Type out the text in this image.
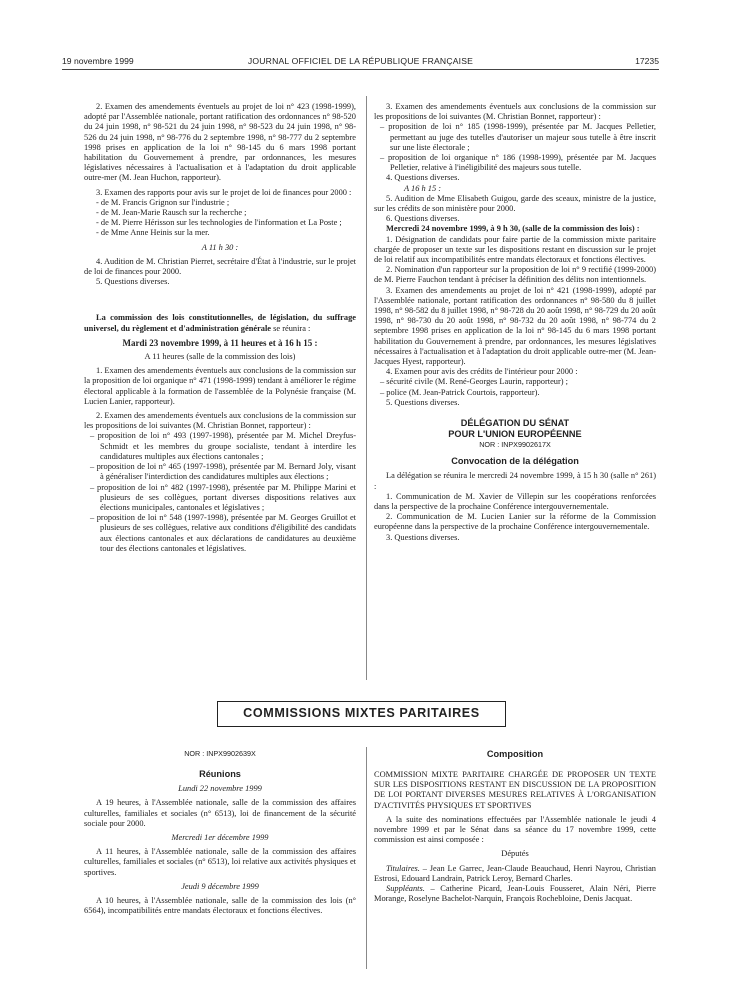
19 novembre 1999	JOURNAL OFFICIEL DE LA RÉPUBLIQUE FRANÇAISE	17235

2. Examen des amendements éventuels au projet de loi n° 423 (1998-1999), adopté par l'Assemblée nationale, portant ratification des ordonnances n° 98-520 du 24 juin 1998, n° 98-521 du 24 juin 1998, n° 98-523 du 24 juin 1998, n° 98-526 du 24 juin 1998, n° 98-776 du 2 septembre 1998, n° 98-777 du 2 septembre 1998 prises en application de la loi n° 98-145 du 6 mars 1998 portant habilitation du Gouvernement à prendre, par ordonnances, les mesures législatives nécessaires à l'actualisation et à l'adaptation du droit applicable outre-mer (M. Jean Huchon, rapporteur).

3. Examen des rapports pour avis sur le projet de loi de finances pour 2000 :

- de M. Francis Grignon sur l'industrie ;

- de M. Jean-Marie Rausch sur la recherche ;

- de M. Pierre Hérisson sur les technologies de l'information et La Poste ;

- de Mme Anne Heinis sur la mer.

A 11 h 30 :

4. Audition de M. Christian Pierret, secrétaire d'État à l'industrie, sur le projet de loi de finances pour 2000.

5. Questions diverses.

La commission des lois constitutionnelles, de législation, du suffrage universel, du règlement et d'administration générale se réunira :

Mardi 23 novembre 1999, à 11 heures et à 16 h 15 :

A 11 heures (salle de la commission des lois)

1. Examen des amendements éventuels aux conclusions de la commission sur la proposition de loi organique n° 471 (1998-1999) tendant à améliorer le régime électoral applicable à la formation de l'assemblée de la Polynésie française (M. Lucien Lanier, rapporteur).

2. Examen des amendements éventuels aux conclusions de la commission sur les propositions de loi suivantes (M. Christian Bonnet, rapporteur) :

– proposition de loi n° 493 (1997-1998), présentée par M. Michel Dreyfus-Schmidt et les membres du groupe socialiste, tendant à interdire les candidatures multiples aux élections cantonales ;

– proposition de loi n° 465 (1997-1998), présentée par M. Bernard Joly, visant à généraliser l'interdiction des candidatures multiples aux élections ;

– proposition de loi n° 482 (1997-1998), présentée par M. Philippe Marini et plusieurs de ses collègues, portant diverses dispositions relatives aux élections municipales, cantonales et législatives ;

– proposition de loi n° 548 (1997-1998), présentée par M. Georges Gruillot et plusieurs de ses collègues, relative aux conditions d'éligibilité des candidats aux élections cantonales et aux déclarations de candidatures au deuxième tour des élections cantonales et législatives.

3. Examen des amendements éventuels aux conclusions de la commission sur les propositions de loi suivantes (M. Christian Bonnet, rapporteur) :

– proposition de loi n° 185 (1998-1999), présentée par M. Jacques Pelletier, permettant au juge des tutelles d'autoriser un majeur sous tutelle à être inscrit sur une liste électorale ;

– proposition de loi organique n° 186 (1998-1999), présentée par M. Jacques Pelletier, relative à l'inéligibilité des majeurs sous tutelle.

4. Questions diverses.

A 16 h 15 :

5. Audition de Mme Elisabeth Guigou, garde des sceaux, ministre de la justice, sur les crédits de son ministère pour 2000.

6. Questions diverses.

Mercredi 24 novembre 1999, à 9 h 30, (salle de la commission des lois) :

1. Désignation de candidats pour faire partie de la commission mixte paritaire chargée de proposer un texte sur les dispositions restant en discussion sur le projet de loi relatif aux incompatibilités entre mandats électoraux et fonctions électives.

2. Nomination d'un rapporteur sur la proposition de loi n° 9 rectifié (1999-2000) de M. Pierre Fauchon tendant à préciser la définition des délits non intentionnels.

3. Examen des amendements au projet de loi n° 421 (1998-1999), adopté par l'Assemblée nationale, portant ratification des ordonnances n° 98-580 du 8 juillet 1998, n° 98-582 du 8 juillet 1998, n° 98-728 du 20 août 1998, n° 98-729 du 20 août 1998, n° 98-730 du 20 août 1998, n° 98-732 du 20 août 1998, n° 98-774 du 2 septembre 1998 prises en application de la loi n° 98-145 du 6 mars 1998 portant habilitation du Gouvernement à prendre, par ordonnances, les mesures législatives nécessaires à l'actualisation et à l'adaptation du droit applicable outre-mer (M. Jean-Jacques Hyest, rapporteur).

4. Examen pour avis des crédits de l'intérieur pour 2000 :

– sécurité civile (M. René-Georges Laurin, rapporteur) ;

– police (M. Jean-Patrick Courtois, rapporteur).

5. Questions diverses.

DÉLÉGATION DU SÉNAT

POUR L'UNION EUROPÉENNE

NOR : INPX9902617X

Convocation de la délégation

La délégation se réunira le mercredi 24 novembre 1999, à 15 h 30 (salle n° 261) :

1. Communication de M. Xavier de Villepin sur les coopérations renforcées dans la perspective de la prochaine Conférence intergouvernementale.

2. Communication de M. Lucien Lanier sur la réforme de la Commission européenne dans la perspective de la prochaine Conférence intergouvernementale.

3. Questions diverses.

COMMISSIONS MIXTES PARITAIRES

NOR : INPX9902639X

Réunions

Lundi 22 novembre 1999

A 19 heures, à l'Assemblée nationale, salle de la commission des affaires culturelles, familiales et sociales (n° 6513), loi de financement de la sécurité sociale pour 2000.

Mercredi 1er décembre 1999

A 11 heures, à l'Assemblée nationale, salle de la commission des affaires culturelles, familiales et sociales (n° 6513), loi relative aux activités physiques et sportives.

Jeudi 9 décembre 1999

A 10 heures, à l'Assemblée nationale, salle de la commission des lois (n° 6564), incompatibilités entre mandats électoraux et fonctions électives.

Composition

COMMISSION MIXTE PARITAIRE CHARGÉE DE PROPOSER UN TEXTE SUR LES DISPOSITIONS RESTANT EN DISCUSSION DE LA PROPOSITION DE LOI PORTANT DIVERSES MESURES RELATIVES À L'ORGANISATION D'ACTIVITÉS PHYSIQUES ET SPORTIVES

A la suite des nominations effectuées par l'Assemblée nationale le jeudi 4 novembre 1999 et par le Sénat dans sa séance du 17 novembre 1999, cette commission est ainsi composée :

Députés

Titulaires. – Jean Le Garrec, Jean-Claude Beauchaud, Henri Nayrou, Christian Estrosi, Edouard Landrain, Patrick Leroy, Bernard Charles.

Suppléants. – Catherine Picard, Jean-Louis Fousseret, Alain Néri, Pierre Morange, Roselyne Bachelot-Narquin, François Rochebloine, Denis Jacquat.
